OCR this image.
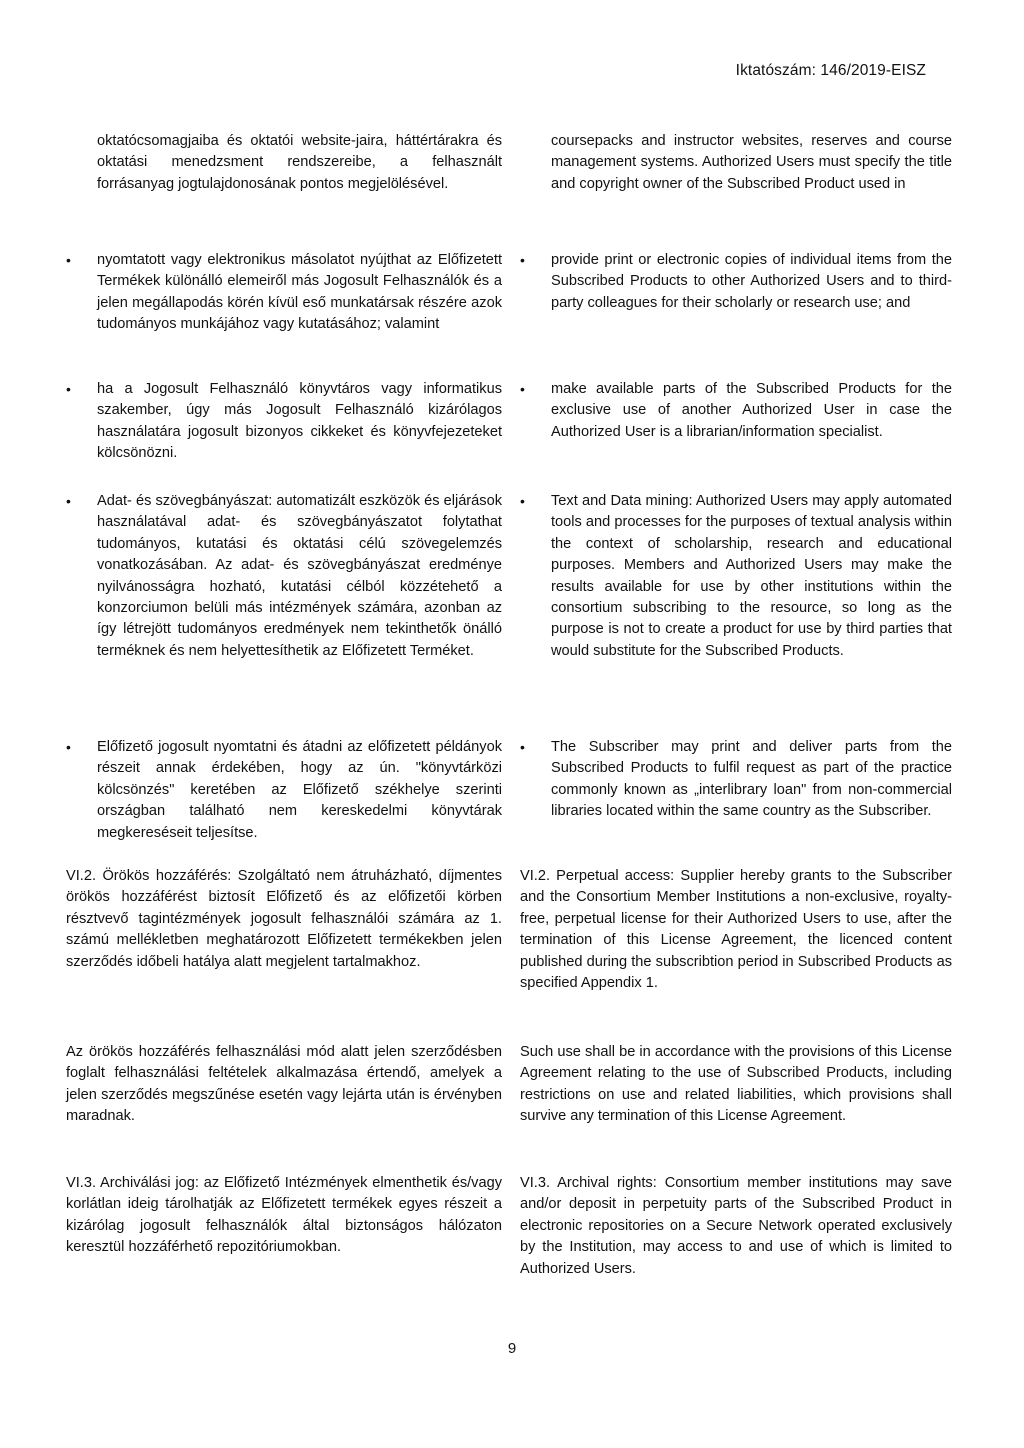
Iktatószám: 146/2019-EISZ
oktatócsomagjaiba és oktatói website-jaira, háttértárakra és oktatási menedzsment rendszereibe, a felhasznált forrásanyag jogtulajdonosának pontos megjelölésével.
• nyomtatott vagy elektronikus másolatot nyújthat az Előfizetett Termékek különálló elemeiről más Jogosult Felhasználók és a jelen megállapodás körén kívül eső munkatársak részére azok tudományos munkájához vagy kutatásához; valamint
• ha a Jogosult Felhasználó könyvtáros vagy informatikus szakember, úgy más Jogosult Felhasználó kizárólagos használatára jogosult bizonyos cikkeket és könyvfejezeteket kölcsönözni.
• Adat- és szövegbányászat: automatizált eszközök és eljárások használatával adat- és szövegbányászatot folytathat tudományos, kutatási és oktatási célú szövegelemzés vonatkozásában. Az adat- és szövegbányászat eredménye nyilvánosságra hozható, kutatási célból közzétehető a konzorciumon belüli más intézmények számára, azonban az így létrejött tudományos eredmények nem tekinthetők önálló terméknek és nem helyettesíthetik az Előfizetett Terméket.
• Előfizető jogosult nyomtatni és átadni az előfizetett példányok részeit annak érdekében, hogy az ún. "könyvtárközi kölcsönzés" keretében az Előfizető székhelye szerinti országban található nem kereskedelmi könyvtárak megkereséseit teljesítse.
VI.2. Örökös hozzáférés: Szolgáltató nem átruházható, díjmentes örökös hozzáférést biztosít Előfizető és az előfizetői körben résztvevő tagintézmények jogosult felhasználói számára az 1. számú mellékletben meghatározott Előfizetett termékekben jelen szerződés időbeli hatálya alatt megjelent tartalmakhoz.
Az örökös hozzáférés felhasználási mód alatt jelen szerződésben foglalt felhasználási feltételek alkalmazása értendő, amelyek a jelen szerződés megszűnése esetén vagy lejárta után is érvényben maradnak.
VI.3. Archiválási jog: az Előfizető Intézmények elmenthetik és/vagy korlátlan ideig tárolhatják az Előfizetett termékek egyes részeit a kizárólag jogosult felhasználók által biztonságos hálózaton keresztül hozzáférhető repozitóriumokban.
coursepacks and instructor websites, reserves and course management systems. Authorized Users must specify the title and copyright owner of the Subscribed Product used in
• provide print or electronic copies of individual items from the Subscribed Products to other Authorized Users and to third-party colleagues for their scholarly or research use; and
• make available parts of the Subscribed Products for the exclusive use of another Authorized User in case the Authorized User is a librarian/information specialist.
• Text and Data mining: Authorized Users may apply automated tools and processes for the purposes of textual analysis within the context of scholarship, research and educational purposes. Members and Authorized Users may make the results available for use by other institutions within the consortium subscribing to the resource, so long as the purpose is not to create a product for use by third parties that would substitute for the Subscribed Products.
• The Subscriber may print and deliver parts from the Subscribed Products to fulfil request as part of the practice commonly known as „interlibrary loan" from non-commercial libraries located within the same country as the Subscriber.
VI.2. Perpetual access: Supplier hereby grants to the Subscriber and the Consortium Member Institutions a non-exclusive, royalty-free, perpetual license for their Authorized Users to use, after the termination of this License Agreement, the licenced content published during the subscribtion period in Subscribed Products as specified Appendix 1.
Such use shall be in accordance with the provisions of this License Agreement relating to the use of Subscribed Products, including restrictions on use and related liabilities, which provisions shall survive any termination of this License Agreement.
VI.3. Archival rights: Consortium member institutions may save and/or deposit in perpetuity parts of the Subscribed Product in electronic repositories on a Secure Network operated exclusively by the Institution, may access to and use of which is limited to Authorized Users.
9
